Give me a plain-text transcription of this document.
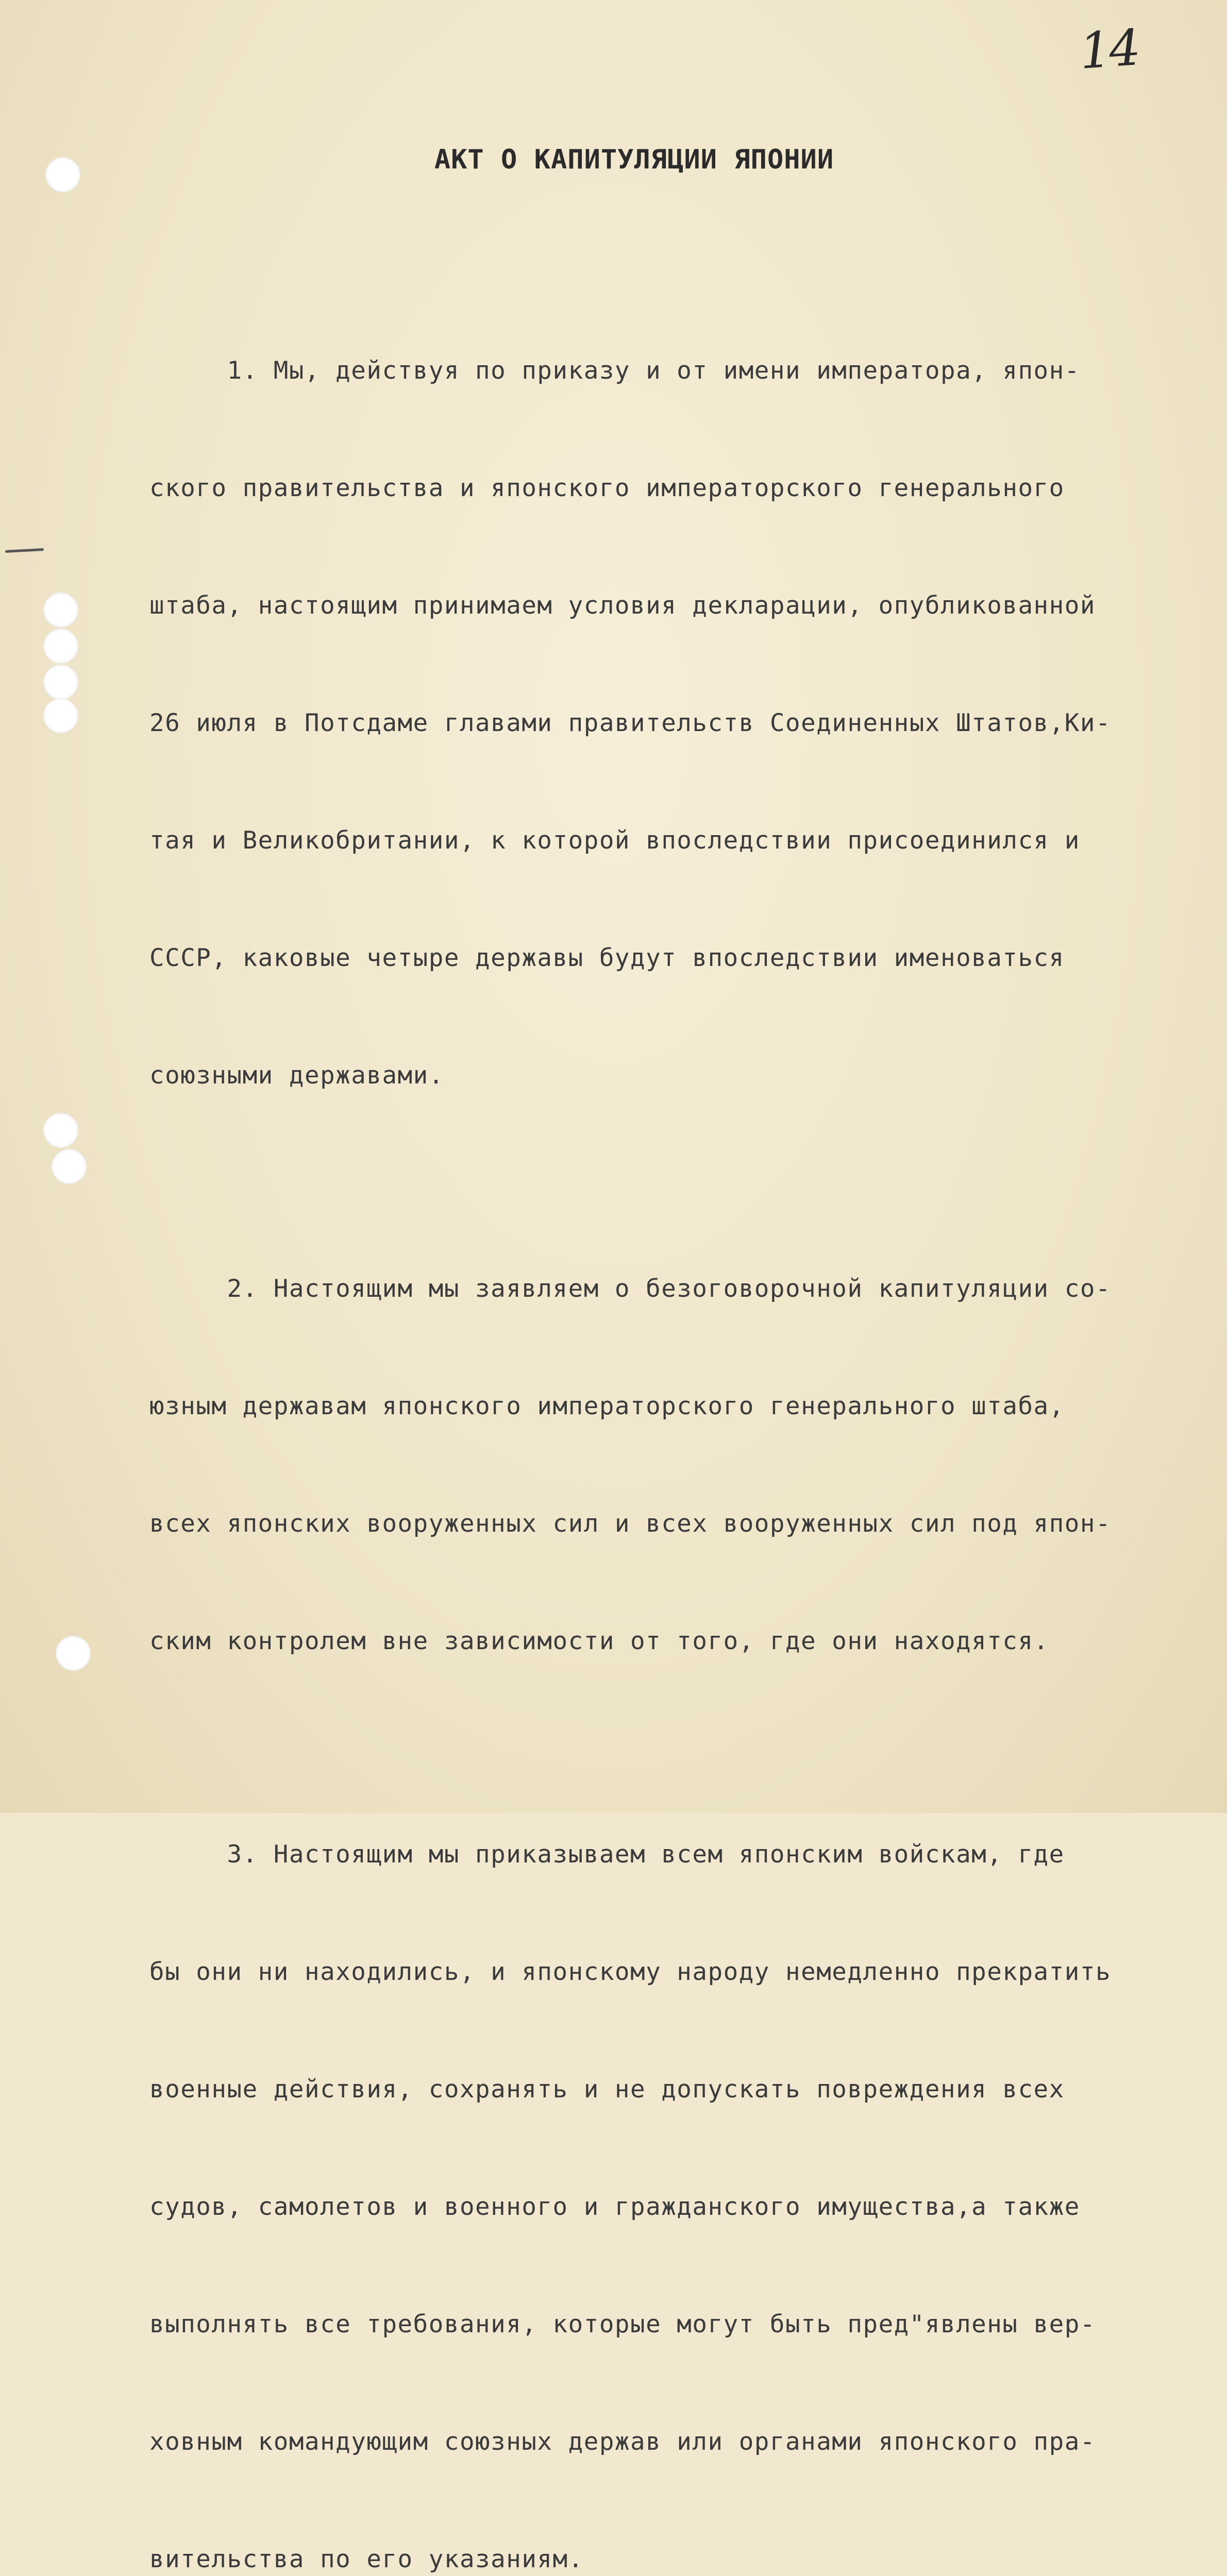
14
АКТ О КАПИТУЛЯЦИИ ЯПОНИИ

1. Мы, действуя по приказу и от имени императора, япон-

ского правительства и японского императорского генерального

штаба, настоящим принимаем условия декларации, опубликованной

26 июля в Потсдаме главами правительств Соединенных Штатов,Ки-

тая и Великобритании, к которой впоследствии присоединился и

СССР, каковые четыре державы будут впоследствии именоваться

союзными державами.

2. Настоящим мы заявляем о безоговорочной капитуляции со-

юзным державам японского императорского генерального штаба,

всех японских вооруженных сил и всех вооруженных сил под япон-

ским контролем вне зависимости от того, где они находятся.

3. Настоящим мы приказываем всем японским войскам, где

бы они ни находились, и японскому народу немедленно прекратить

военные действия, сохранять и не допускать повреждения всех

судов, самолетов и военного и гражданского имущества,а также

выполнять все требования, которые могут быть пред"явлены вер-

ховным командующим союзных держав или органами японского пра-

вительства по его указаниям.
